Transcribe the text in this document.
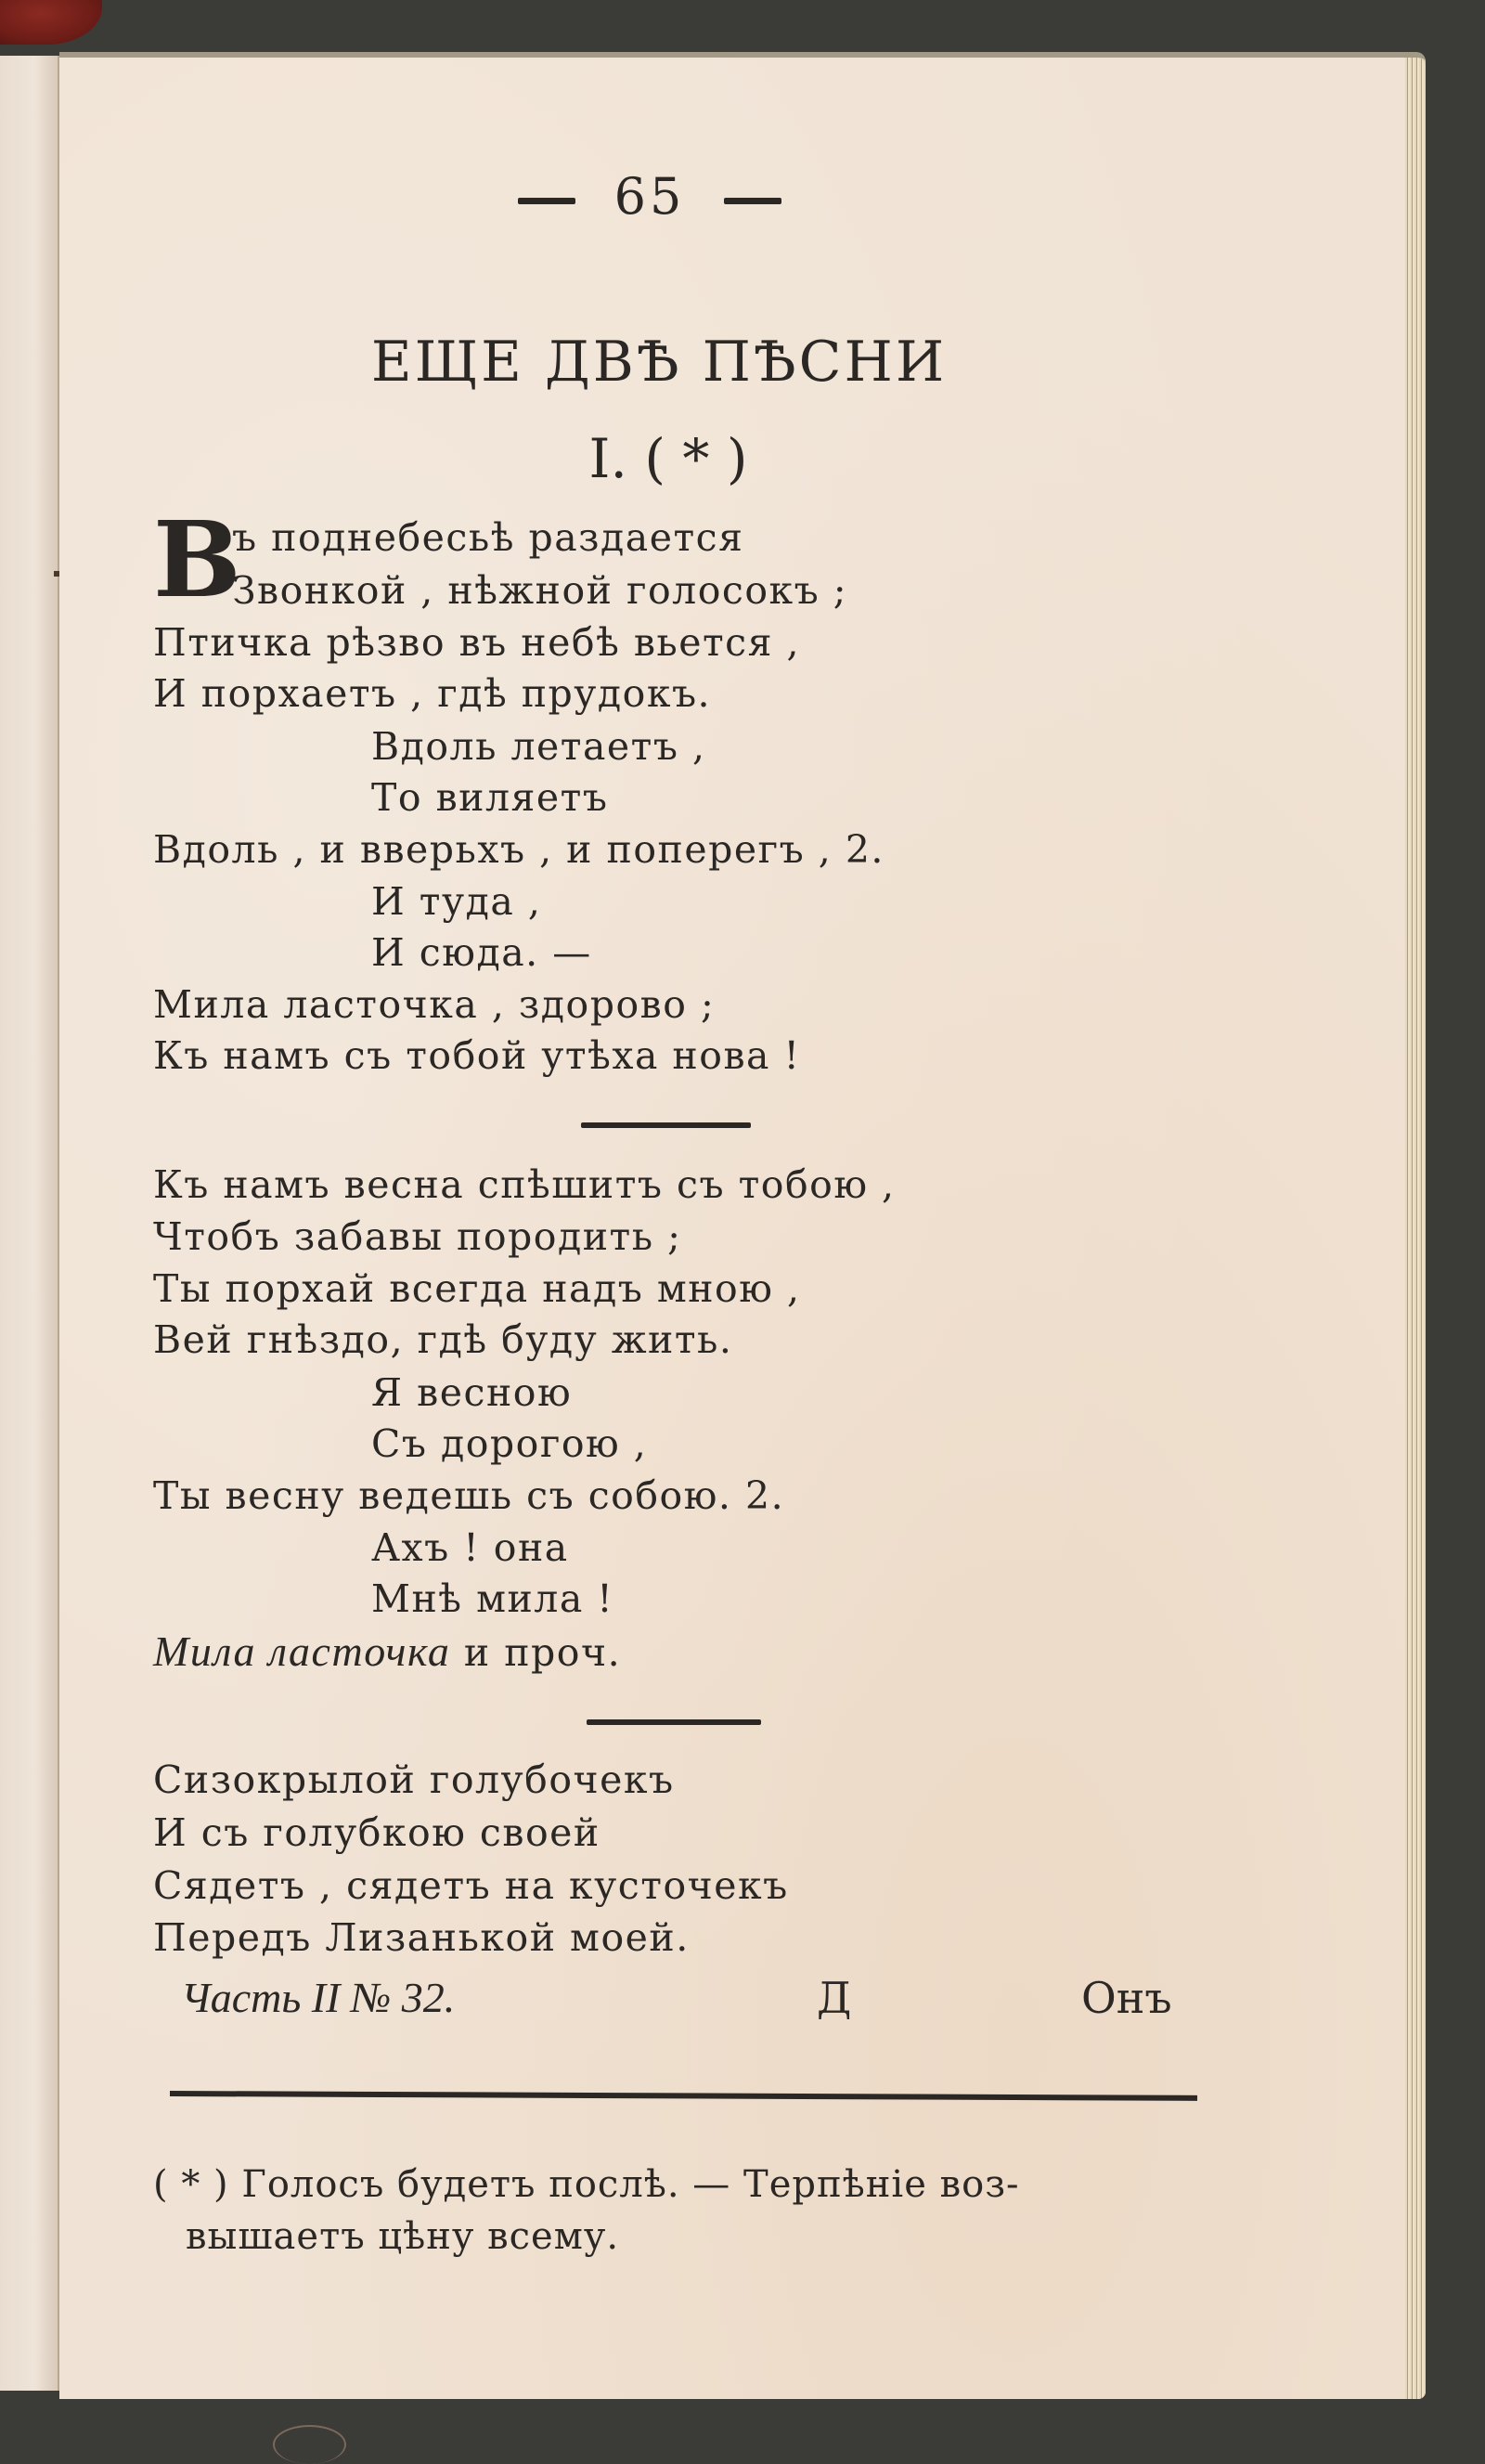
65
ЕЩЕ ДВѢ ПѢСНИ
I. ( * )
В
ъ поднебесьѣ раздается
Звонкой , нѣжной голосокъ ;
Птичка рѣзво въ небѣ вьется ,
И порхаетъ , гдѣ прудокъ.
Вдоль летаетъ ,
То виляетъ
Вдоль , и вверьхъ , и поперегъ , 2.
И туда ,
И сюда. —
Мила ласточка , здорово ;
Къ намъ съ тобой утѣха нова !
Къ намъ весна спѣшитъ съ тобою ,
Чтобъ забавы породить ;
Ты порхай всегда надъ мною ,
Вей гнѣздо, гдѣ буду жить.
Я весною
Съ дорогою ,
Ты весну ведешь съ собою. 2.
Ахъ ! она
Мнѣ мила !
Мила ласточка и проч.
Сизокрылой голубочекъ
И съ голубкою своей
Сядетъ , сядетъ на кусточекъ
Передъ Лизанькой моей.
Часть II № 32.	Д	Онъ
( * ) Голосъ будетъ послѣ. — Терпѣніе воз-
вышаетъ цѣну всему.
